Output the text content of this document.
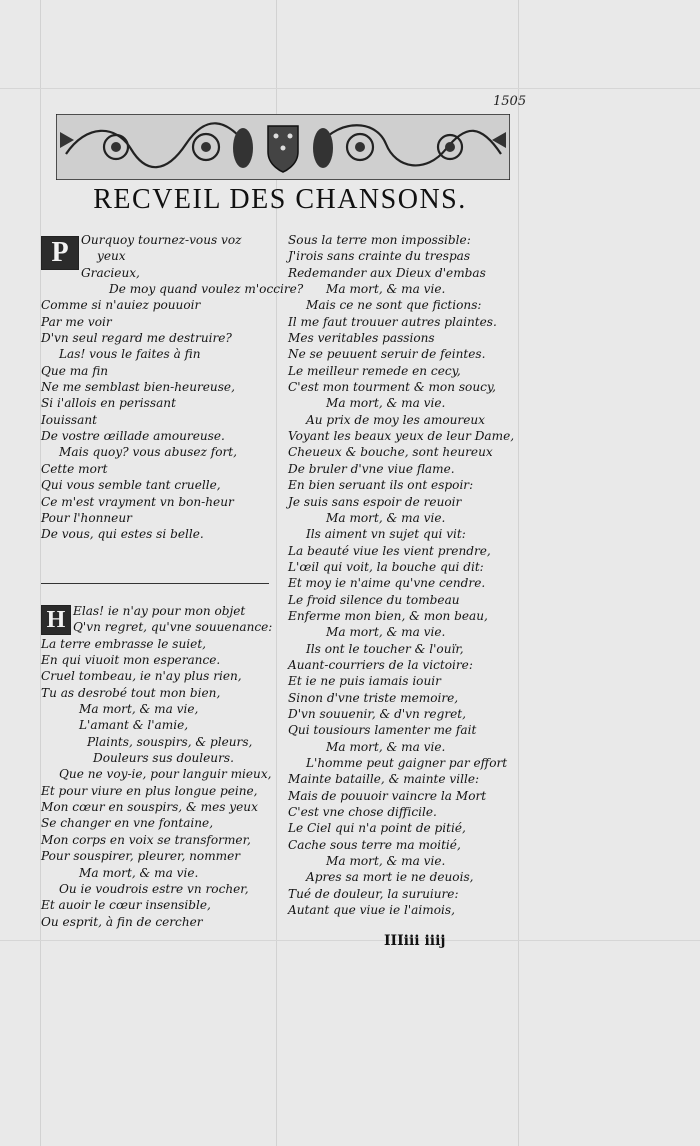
1505
RECVEIL DES CHANSONS.
P	Ourquoy tournez-vous voz
yeux
Gracieux,
De moy quand voulez m'occire?
Comme si n'auiez pouuoir
Par me voir
D'vn seul regard me destruire?
Las! vous le faites à fin
Que ma fin
Ne me semblast bien-heureuse,
Si i'allois en perissant
Iouissant
De vostre œillade amoureuse.
Mais quoy? vous abusez fort,
Cette mort
Qui vous semble tant cruelle,
Ce m'est vrayment vn bon-heur
Pour l'honneur
De vous, qui estes si belle.
H Elas! ie n'ay pour mon objet
Q'vn regret, qu'vne souuenance:
La terre embrasse le suiet,
En qui viuoit mon esperance.
Cruel tombeau, ie n'ay plus rien,
Tu as desrobé tout mon bien,
Ma mort, & ma vie,
L'amant & l'amie,
Plaints, souspirs, & pleurs,
Douleurs sus douleurs.
Que ne voy-ie, pour languir mieux,
Et pour viure en plus longue peine,
Mon cœur en souspirs, & mes yeux
Se changer en vne fontaine,
Mon corps en voix se transformer,
Pour souspirer, pleurer, nommer
Ma mort, & ma vie.
Ou ie voudrois estre vn rocher,
Et auoir le cœur insensible,
Ou esprit, à fin de cercher
Sous la terre mon impossible:
J'irois sans crainte du trespas
Redemander aux Dieux d'embas
Ma mort, & ma vie.
Mais ce ne sont que fictions:
Il me faut trouuer autres plaintes.
Mes veritables passions
Ne se peuuent seruir de feintes.
Le meilleur remede en cecy,
C'est mon tourment & mon soucy,
Ma mort, & ma vie.
Au prix de moy les amoureux
Voyant les beaux yeux de leur Dame,
Cheueux & bouche, sont heureux
De bruler d'vne viue flame.
En bien seruant ils ont espoir:
Je suis sans espoir de reuoir
Ma mort, & ma vie.
Ils aiment vn sujet qui vit:
La beauté viue les vient prendre,
L'œil qui voit, la bouche qui dit:
Et moy ie n'aime qu'vne cendre.
Le froid silence du tombeau
Enferme mon bien, & mon beau,
Ma mort, & ma vie.
Ils ont le toucher & l'ouïr,
Auant-courriers de la victoire:
Et ie ne puis iamais iouir
Sinon d'vne triste memoire,
D'vn souuenir, & d'vn regret,
Qui tousiours lamenter me fait
Ma mort, & ma vie.
L'homme peut gaigner par effort
Mainte bataille, & mainte ville:
Mais de pouuoir vaincre la Mort
C'est vne chose difficile.
Le Ciel qui n'a point de pitié,
Cache sous terre ma moitié,
Ma mort, & ma vie.
Apres sa mort ie ne deuois,
Tué de douleur, la suruiure:
Autant que viue ie l'aimois,
IIIiii iiij
